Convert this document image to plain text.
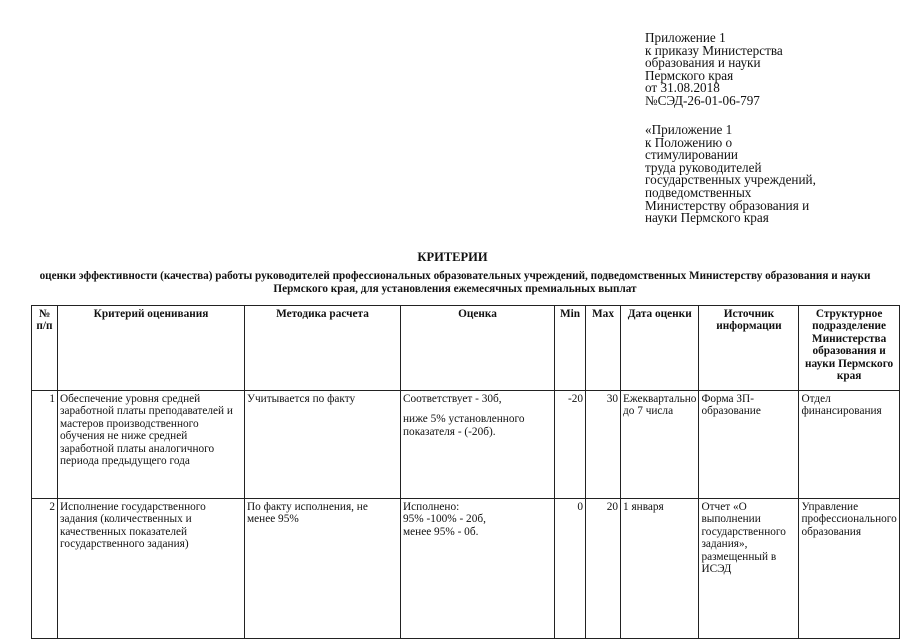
Приложение 1
к приказу Министерства
образования и науки
Пермского края
от 31.08.2018
№СЭД-26-01-06-797
«Приложение 1
к Положению о
стимулировании
труда руководителей
государственных учреждений,
подведомственных
Министерству образования и
науки Пермского края
КРИТЕРИИ
оценки эффективности (качества) работы руководителей профессиональных образовательных учреждений, подведомственных Министерству образования и науки Пермского края, для установления ежемесячных премиальных выплат
№ п/п	Критерий оценивания	Методика расчета	Оценка	Min	Max	Дата оценки	Источник информации	Структурное подразделение Министерства образования и науки Пермского края
1	Обеспечение уровня средней заработной платы преподавателей и мастеров производственного обучения не ниже средней заработной платы аналогичного периода предыдущего года	Учитывается по факту	Соответствует - 30б,
ниже 5% установленного показателя - (-20б).	-20	30	Ежеквартально до 7 числа	Форма ЗП-образование	Отдел финансирования
2	Исполнение государственного задания (количественных и качественных показателей государственного задания)	По факту исполнения, не менее 95%	Исполнено:
95% -100% - 20б,
менее 95% - 0б.	0	20	1 января	Отчет «О выполнении государственного задания», размещенный в ИСЭД	Управление профессионального образования
